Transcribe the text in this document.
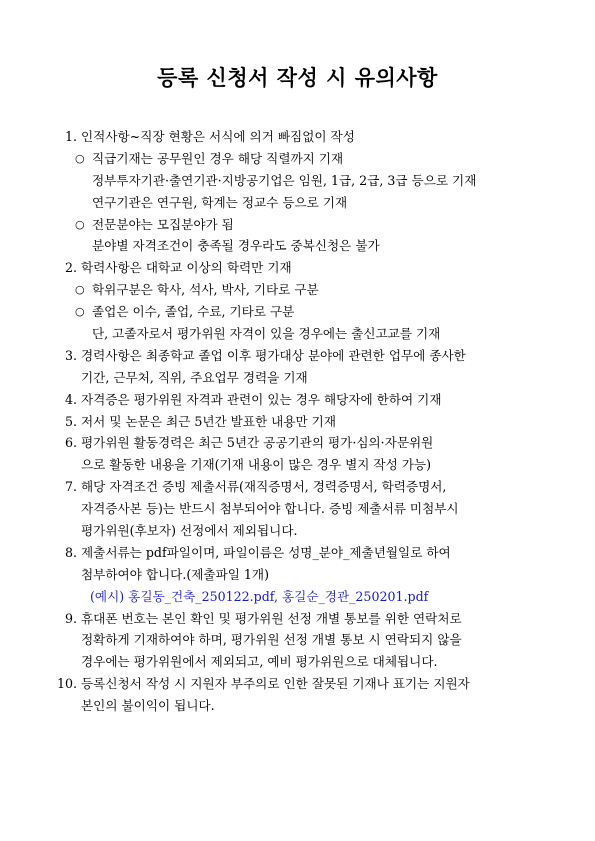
등록 신청서 작성 시 유의사항
1. 인적사항~직장 현황은 서식에 의거 빠짐없이 작성
○ 직급기재는 공무원인 경우 해당 직렬까지 기재
정부투자기관·출연기관·지방공기업은 임원, 1급, 2급, 3급 등으로 기재
연구기관은 연구원, 학계는 정교수 등으로 기재
○ 전문분야는 모집분야가 됨
분야별 자격조건이 충족될 경우라도 중복신청은 불가
2. 학력사항은 대학교 이상의 학력만 기재
○ 학위구분은 학사, 석사, 박사, 기타로 구분
○ 졸업은 이수, 졸업, 수료, 기타로 구분
단, 고졸자로서 평가위원 자격이 있을 경우에는 출신고교를 기재
3. 경력사항은 최종학교 졸업 이후 평가대상 분야에 관련한 업무에 종사한
기간, 근무처, 직위, 주요업무 경력을 기재
4. 자격증은 평가위원 자격과 관련이 있는 경우 해당자에 한하여 기재
5. 저서 및 논문은 최근 5년간 발표한 내용만 기재
6. 평가위원 활동경력은 최근 5년간 공공기관의 평가·심의·자문위원
으로 활동한 내용을 기재(기재 내용이 많은 경우 별지 작성 가능)
7. 해당 자격조건 증빙 제출서류(재직증명서, 경력증명서, 학력증명서,
자격증사본 등)는 반드시 첨부되어야 합니다. 증빙 제출서류 미첨부시
평가위원(후보자) 선정에서 제외됩니다.
8. 제출서류는 pdf파일이며, 파일이름은 성명_분야_제출년월일로 하여
첨부하여야 합니다.(제출파일 1개)
(예시) 홍길동_건축_250122.pdf, 홍길순_경관_250201.pdf
9. 휴대폰 번호는 본인 확인 및 평가위원 선정 개별 통보를 위한 연락처로
정확하게 기재하여야 하며, 평가위원 선정 개별 통보 시 연락되지 않을
경우에는 평가위원에서 제외되고, 예비 평가위원으로 대체됩니다.
10. 등록신청서 작성 시 지원자 부주의로 인한 잘못된 기재나 표기는 지원자
본인의 불이익이 됩니다.
